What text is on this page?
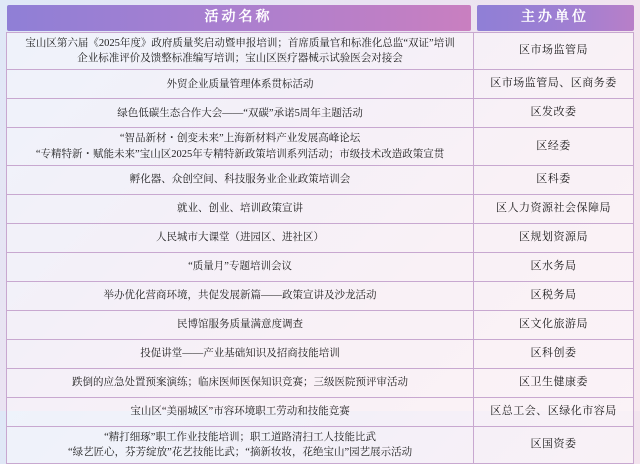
活动名称	主办单位

宝山区第六届《2025年度》政府质量奖启动暨申报培训；首席质量官和标准化总监“双证”培训
企业标准评价及馈整标准编写培训；宝山区医疗器械示试验医会对接会	区市场监管局

外贸企业质量管理体系贯标活动	区市场监管局、区商务委

绿色低碳生态合作大会——“双碳”承诺5周年主题活动	区发改委

“智品新材・创变未来”上海新材料产业发展高峰论坛
“专精特新・赋能未来”宝山区2025年专精特新政策培训系列活动；市级技术改造政策宣贯	区经委

孵化器、众创空间、科技服务业企业政策培训会	区科委

就业、创业、培训政策宣讲	区人力资源社会保障局

人民城市大课堂（进园区、进社区）	区规划资源局

“质量月”专题培训会议	区水务局

举办优化营商环境，共促发展新篇——政策宣讲及沙龙活动	区税务局

民博馆服务质量满意度调查	区文化旅游局

投促讲堂——产业基础知识及招商技能培训	区科创委

跌倒的应急处置预案演练；临床医师医保知识竞赛；三级医院预评审活动	区卫生健康委

宝山区“美丽城区”市容环境职工劳动和技能竞赛	区总工会、区绿化市容局

“精打细琢”职工作业技能培训；职工道路清扫工人技能比武
“绿艺匠心，芬芳绽放”花艺技能比武；“摘新妆妆，花绝宝山”园艺展示活动	区国资委
